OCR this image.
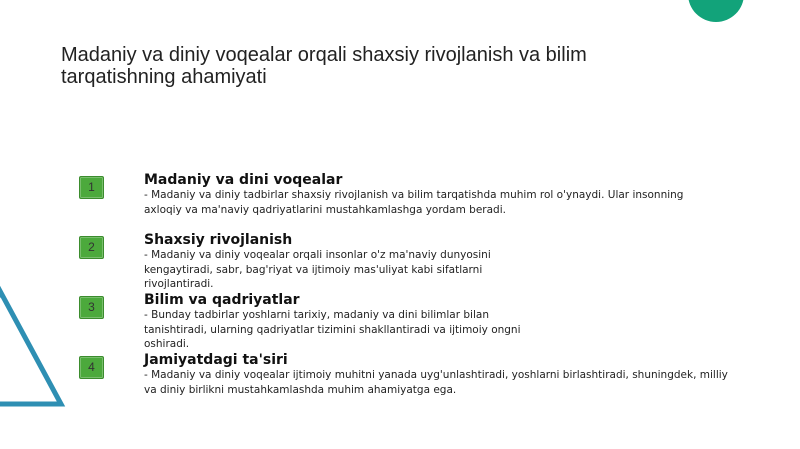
Madaniy va diniy voqealar orqali shaxsiy rivojlanish va bilim tarqatishning ahamiyati
1	Madaniy va dini voqealar
- Madaniy va diniy tadbirlar shaxsiy rivojlanish va bilim tarqatishda muhim rol o'ynaydi. Ular insonning axloqiy va ma'naviy qadriyatlarini mustahkamlashga yordam beradi.
2	Shaxsiy rivojlanish
- Madaniy va diniy voqealar orqali insonlar o'z ma'naviy dunyosini kengaytiradi, sabr, bag'riyat va ijtimoiy mas'uliyat kabi sifatlarni rivojlantiradi.
3	Bilim va qadriyatlar
- Bunday tadbirlar yoshlarni tarixiy, madaniy va dini bilimlar bilan tanishtiradi, ularning qadriyatlar tizimini shakllantiradi va ijtimoiy ongni oshiradi.
4	Jamiyatdagi ta'siri
- Madaniy va diniy voqealar ijtimoiy muhitni yanada uyg'unlashtiradi, yoshlarni birlashtiradi, shuningdek, milliy va diniy birlikni mustahkamlashda muhim ahamiyatga ega.
